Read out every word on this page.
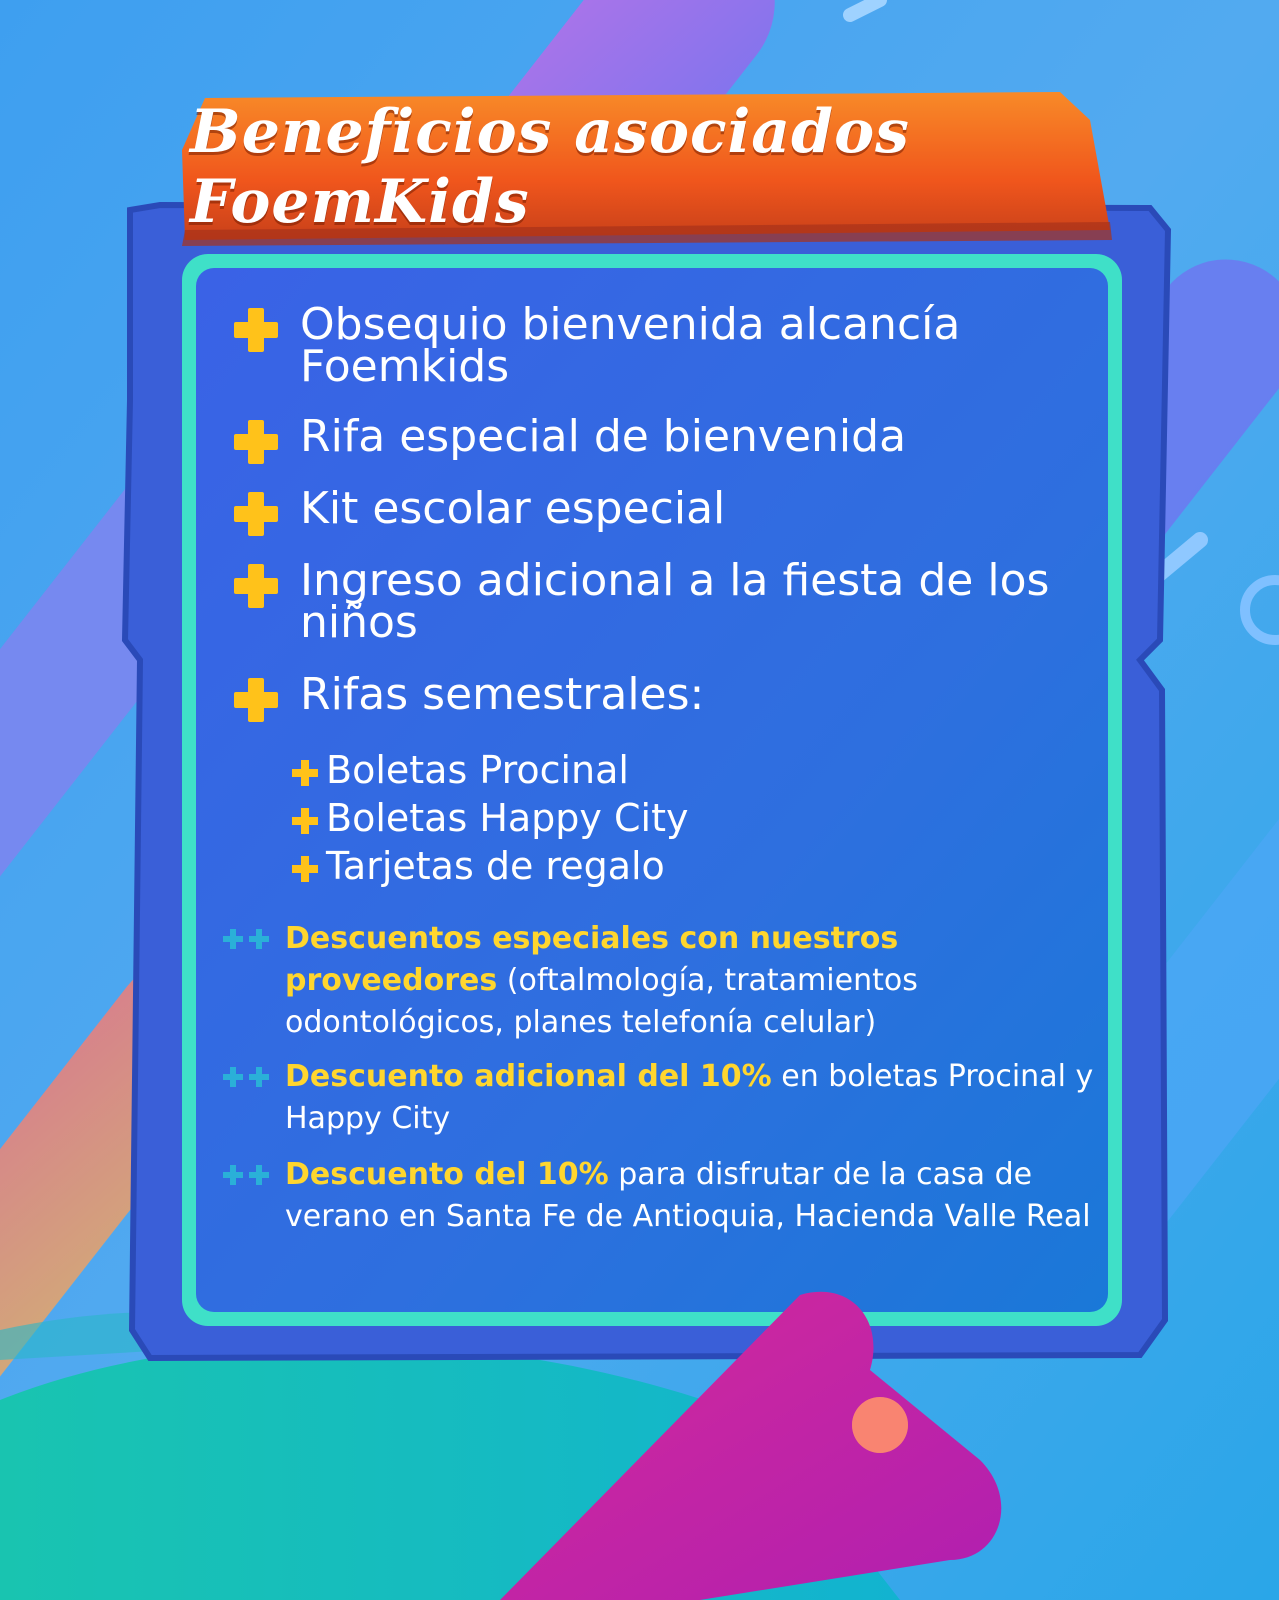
Beneficios asociados FoemKids
Obsequio bienvenida alcancía Foemkids
Rifa especial de bienvenida
Kit escolar especial
Ingreso adicional a la fiesta de los niños
Rifas semestrales:
Boletas Procinal
Boletas Happy City
Tarjetas de regalo
Descuentos especiales con nuestros proveedores (oftalmología, tratamientos odontológicos, planes telefonía celular)
Descuento adicional del 10% en boletas Procinal y Happy City
Descuento del 10% para disfrutar de la casa de verano en Santa Fe de Antioquia, Hacienda Valle Real
